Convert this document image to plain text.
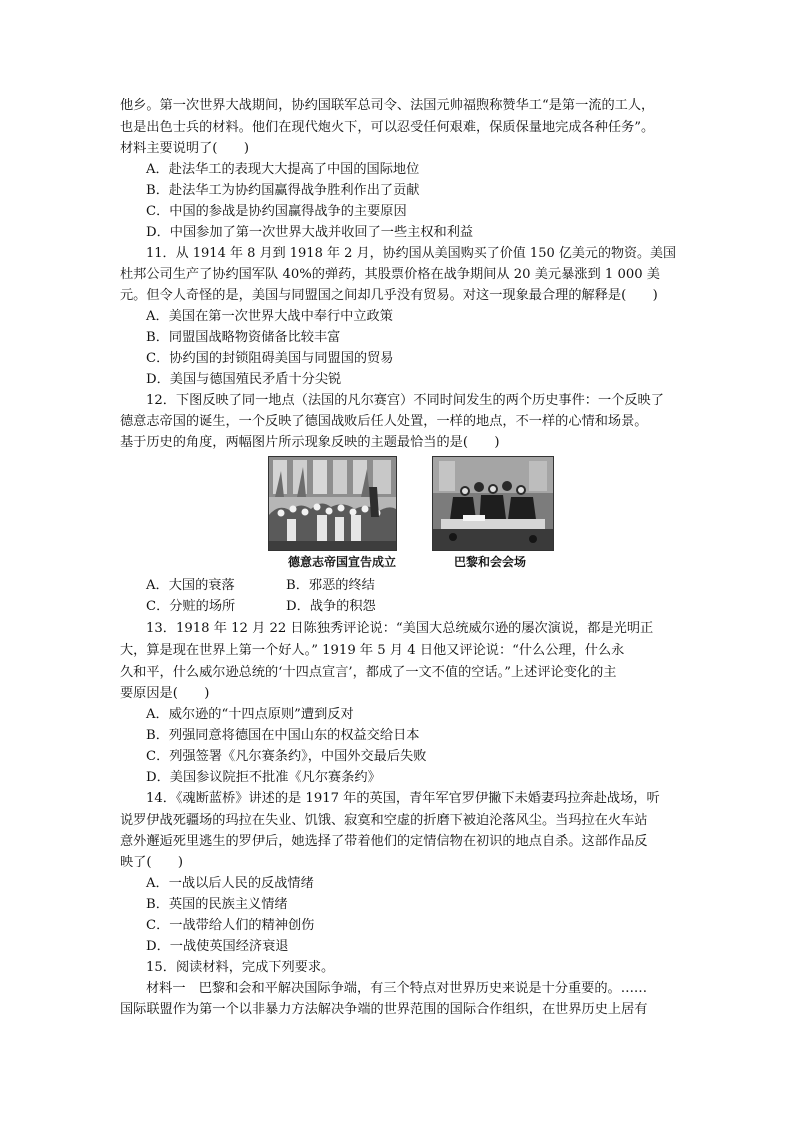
他乡。第一次世界大战期间，协约国联军总司令、法国元帅福煦称赞华工“是第一流的工人，
也是出色士兵的材料。他们在现代炮火下，可以忍受任何艰难，保质保量地完成各种任务”。
材料主要说明了(　　)
A．赴法华工的表现大大提高了中国的国际地位
B．赴法华工为协约国赢得战争胜利作出了贡献
C．中国的参战是协约国赢得战争的主要原因
D．中国参加了第一次世界大战并收回了一些主权和利益
11．从 1914 年 8 月到 1918 年 2 月，协约国从美国购买了价值 150 亿美元的物资。美国
杜邦公司生产了协约国军队 40%的弹药，其股票价格在战争期间从 20 美元暴涨到 1 000 美
元。但令人奇怪的是，美国与同盟国之间却几乎没有贸易。对这一现象最合理的解释是(　　)
A．美国在第一次世界大战中奉行中立政策
B．同盟国战略物资储备比较丰富
C．协约国的封锁阻碍美国与同盟国的贸易
D．美国与德国殖民矛盾十分尖锐
12．下图反映了同一地点（法国的凡尔赛宫）不同时间发生的两个历史事件：一个反映了
德意志帝国的诞生，一个反映了德国战败后任人处置，一样的地点，不一样的心情和场景。
基于历史的角度，两幅图片所示现象反映的主题最恰当的是(　　)
德意志帝国宣告成立	巴黎和会会场
A．大国的衰落	B．邪恶的终结
C．分赃的场所	D．战争的积怨
13．1918 年 12 月 22 日陈独秀评论说：“美国大总统威尔逊的屡次演说，都是光明正
大，算是现在世界上第一个好人。” 1919 年 5 月 4 日他又评论说：“什么公理，什么永
久和平，什么威尔逊总统的‘十四点宣言’，都成了一文不值的空话。”上述评论变化的主
要原因是(　　)
A．威尔逊的“十四点原则”遭到反对
B．列强同意将德国在中国山东的权益交给日本
C．列强签署《凡尔赛条约》，中国外交最后失败
D．美国参议院拒不批准《凡尔赛条约》
14．《魂断蓝桥》讲述的是 1917 年的英国，青年军官罗伊撇下未婚妻玛拉奔赴战场，听
说罗伊战死疆场的玛拉在失业、饥饿、寂寞和空虚的折磨下被迫沦落风尘。当玛拉在火车站
意外邂逅死里逃生的罗伊后，她选择了带着他们的定情信物在初识的地点自杀。这部作品反
映了(　　)
A．一战以后人民的反战情绪
B．英国的民族主义情绪
C．一战带给人们的精神创伤
D．一战使英国经济衰退
15．阅读材料，完成下列要求。
材料一　巴黎和会和平解决国际争端，有三个特点对世界历史来说是十分重要的。……
国际联盟作为第一个以非暴力方法解决争端的世界范围的国际合作组织，在世界历史上居有
